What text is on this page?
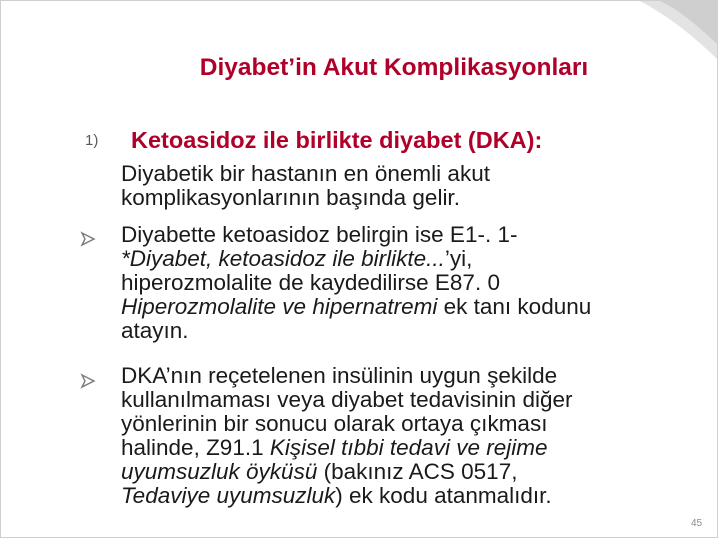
Diyabet’in Akut Komplikasyonları
1) Ketoasidoz ile birlikte diyabet (DKA):
Diyabetik bir hastanın en önemli akut
komplikasyonlarının başında gelir.
Diyabette ketoasidoz belirgin ise E1-. 1-
*Diyabet, ketoasidoz ile birlikte...’yi,
hiperozmolalite de kaydedilirse E87. 0
Hiperozmolalite ve hipernatremi ek tanı kodunu
atayın.
DKA’nın reçetelenen insülinin uygun şekilde
kullanılmaması veya diyabet tedavisinin diğer
yönlerinin bir sonucu olarak ortaya çıkması
halinde, Z91.1 Kişisel tıbbi tedavi ve rejime
uyumsuzluk öyküsü (bakınız ACS 0517,
Tedaviye uyumsuzluk) ek kodu atanmalıdır.
45
